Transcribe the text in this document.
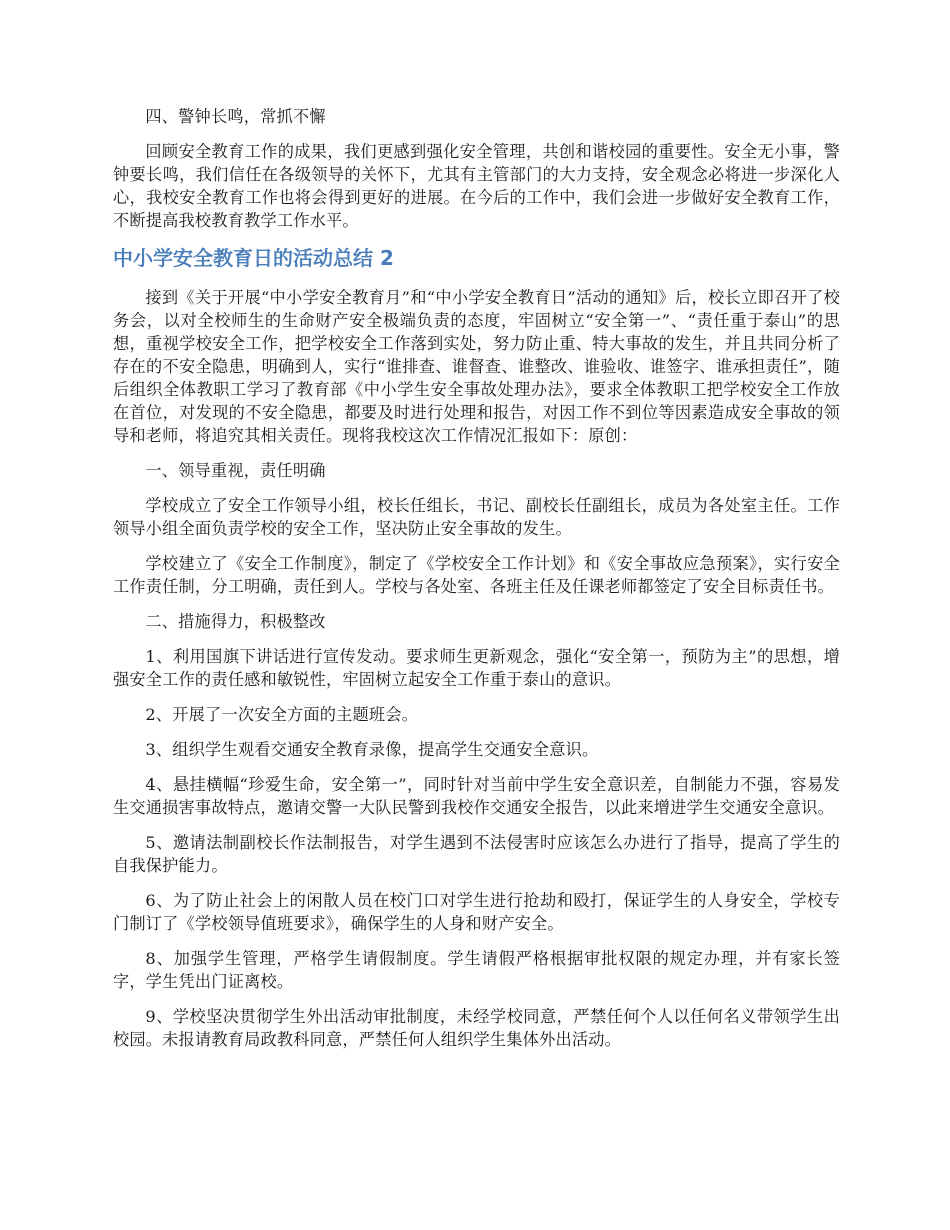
四、警钟长鸣，常抓不懈

回顾安全教育工作的成果，我们更感到强化安全管理，共创和谐校园的重要性。安全无小事，警钟要长鸣，我们信任在各级领导的关怀下，尤其有主管部门的大力支持，安全观念必将进一步深化人心，我校安全教育工作也将会得到更好的进展。在今后的工作中，我们会进一步做好安全教育工作，不断提高我校教育教学工作水平。

中小学安全教育日的活动总结 2

接到《关于开展“中小学安全教育月”和“中小学安全教育日”活动的通知》后，校长立即召开了校务会，以对全校师生的生命财产安全极端负责的态度，牢固树立“安全第一”、“责任重于泰山”的思想，重视学校安全工作，把学校安全工作落到实处，努力防止重、特大事故的发生，并且共同分析了存在的不安全隐患，明确到人，实行“谁排查、谁督查、谁整改、谁验收、谁签字、谁承担责任”，随后组织全体教职工学习了教育部《中小学生安全事故处理办法》，要求全体教职工把学校安全工作放在首位，对发现的不安全隐患，都要及时进行处理和报告，对因工作不到位等因素造成安全事故的领导和老师，将追究其相关责任。现将我校这次工作情况汇报如下：原创：

一、领导重视，责任明确

学校成立了安全工作领导小组，校长任组长，书记、副校长任副组长，成员为各处室主任。工作领导小组全面负责学校的安全工作，坚决防止安全事故的发生。

学校建立了《安全工作制度》，制定了《学校安全工作计划》和《安全事故应急预案》，实行安全工作责任制，分工明确，责任到人。学校与各处室、各班主任及任课老师都签定了安全目标责任书。

二、措施得力，积极整改

1、利用国旗下讲话进行宣传发动。要求师生更新观念，强化“安全第一，预防为主”的思想，增强安全工作的责任感和敏锐性，牢固树立起安全工作重于泰山的意识。

2、开展了一次安全方面的主题班会。

3、组织学生观看交通安全教育录像，提高学生交通安全意识。

4、悬挂横幅“珍爱生命，安全第一”，同时针对当前中学生安全意识差，自制能力不强，容易发生交通损害事故特点，邀请交警一大队民警到我校作交通安全报告，以此来增进学生交通安全意识。

5、邀请法制副校长作法制报告，对学生遇到不法侵害时应该怎么办进行了指导，提高了学生的自我保护能力。

6、为了防止社会上的闲散人员在校门口对学生进行抢劫和殴打，保证学生的人身安全，学校专门制订了《学校领导值班要求》，确保学生的人身和财产安全。

8、加强学生管理，严格学生请假制度。学生请假严格根据审批权限的规定办理，并有家长签字，学生凭出门证离校。

9、学校坚决贯彻学生外出活动审批制度，未经学校同意，严禁任何个人以任何名义带领学生出校园。未报请教育局政教科同意，严禁任何人组织学生集体外出活动。
